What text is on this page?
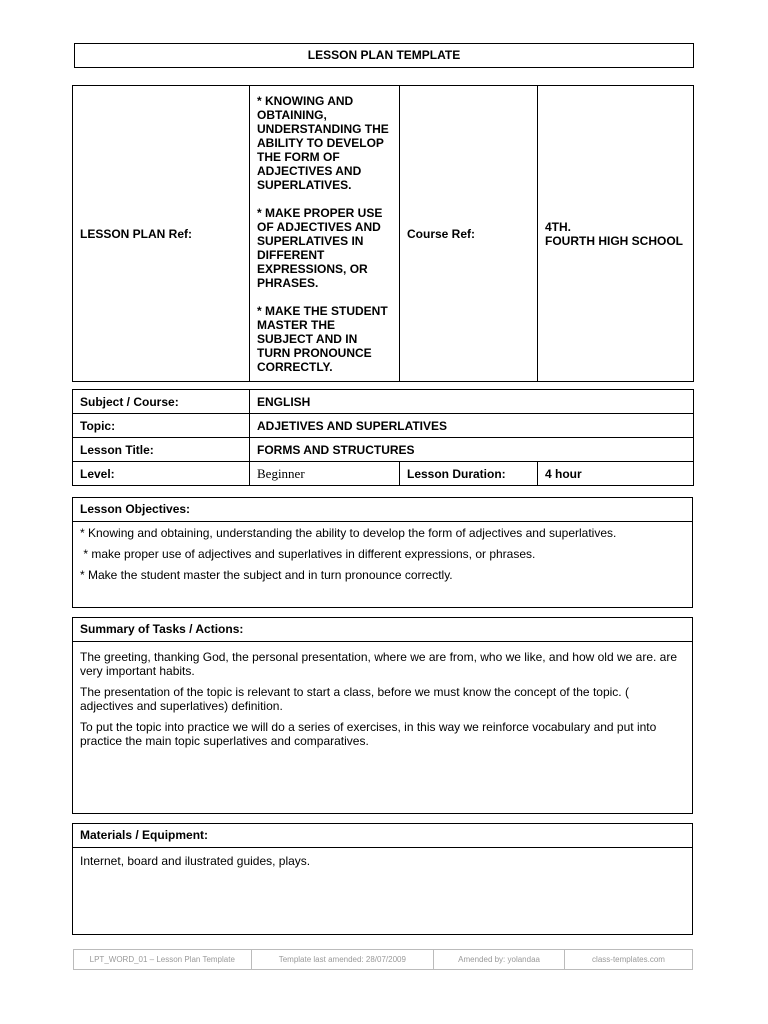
LESSON PLAN TEMPLATE
LESSON PLAN Ref:	* KNOWING AND OBTAINING, UNDERSTANDING THE ABILITY TO DEVELOP THE FORM OF ADJECTIVES AND SUPERLATIVES.

* MAKE PROPER USE OF ADJECTIVES AND SUPERLATIVES IN DIFFERENT EXPRESSIONS, OR PHRASES.

* MAKE THE STUDENT MASTER THE SUBJECT AND IN TURN PRONOUNCE CORRECTLY.	Course Ref:	4TH.
FOURTH HIGH SCHOOL
Subject / Course:	ENGLISH		
Topic:	ADJETIVES AND SUPERLATIVES		
Lesson Title:	FORMS AND STRUCTURES		
Level:	Beginner	Lesson Duration:	4 hour
Lesson Objectives:
* Knowing and obtaining, understanding the ability to develop the form of adjectives and superlatives.
* make proper use of adjectives and superlatives in different expressions, or phrases.
* Make the student master the subject and in turn pronounce correctly.
Summary of Tasks / Actions:

The greeting, thanking God, the personal presentation, where we are from, who we like, and how old we are. are very important habits.

The presentation of the topic is relevant to start a class, before we must know the concept of the topic. ( adjectives and superlatives) definition.

To put the topic into practice we will do a series of exercises, in this way we reinforce vocabulary and put into practice the main topic superlatives and comparatives.

Materials / Equipment:
Internet, board and ilustrated guides, plays.
LPT_WORD_01 – Lesson Plan Template	Template last amended: 28/07/2009	Amended by: yolandaa	class-templates.com
